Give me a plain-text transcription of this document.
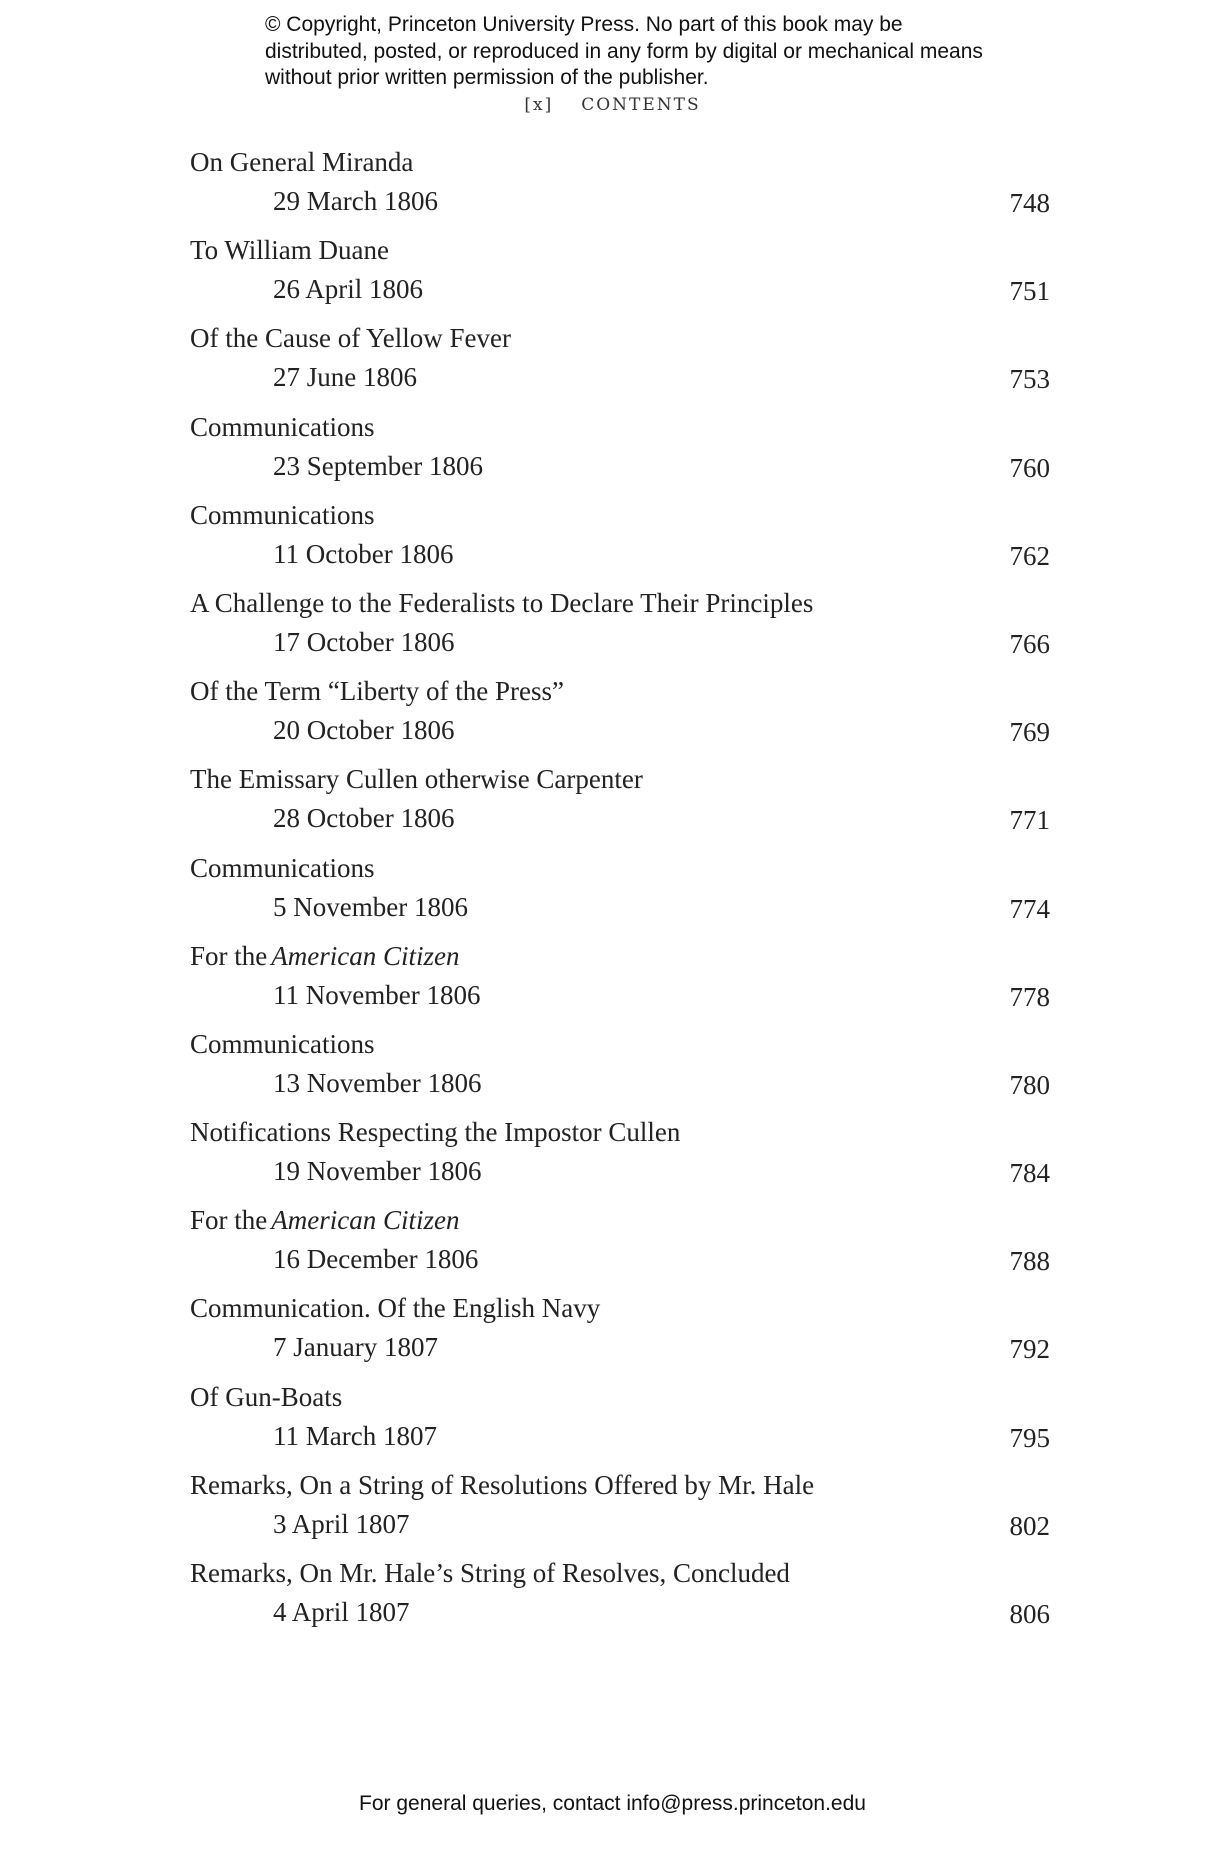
© Copyright, Princeton University Press. No part of this book may be distributed, posted, or reproduced in any form by digital or mechanical means without prior written permission of the publisher.
[x] CONTENTS
On General Miranda
29 March 1806	748
To William Duane
26 April 1806	751
Of the Cause of Yellow Fever
27 June 1806	753
Communications
23 September 1806	760
Communications
11 October 1806	762
A Challenge to the Federalists to Declare Their Principles
17 October 1806	766
Of the Term “Liberty of the Press”
20 October 1806	769
The Emissary Cullen otherwise Carpenter
28 October 1806	771
Communications
5 November 1806	774
For the American Citizen
11 November 1806	778
Communications
13 November 1806	780
Notifications Respecting the Impostor Cullen
19 November 1806	784
For the American Citizen
16 December 1806	788
Communication. Of the English Navy
7 January 1807	792
Of Gun-Boats
11 March 1807	795
Remarks, On a String of Resolutions Offered by Mr. Hale
3 April 1807	802
Remarks, On Mr. Hale’s String of Resolves, Concluded
4 April 1807	806
For general queries, contact info@press.princeton.edu
